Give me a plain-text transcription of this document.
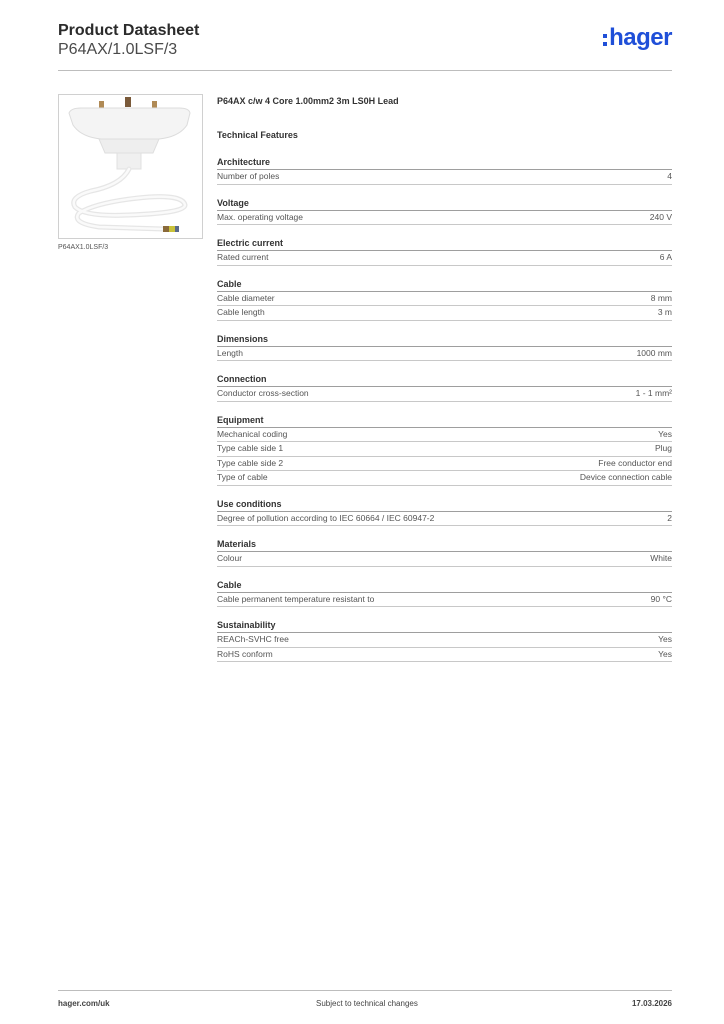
Product Datasheet
P64AX/1.0LSF/3	hager
P64AX1.0LSF/3
P64AX c/w 4 Core 1.00mm2 3m LS0H Lead
Technical Features
Architecture
Number of poles	4
Voltage
Max. operating voltage	240 V
Electric current
Rated current	6 A
Cable
Cable diameter	8 mm
Cable length	3 m
Dimensions
Length	1000 mm
Connection
Conductor cross-section	1 - 1 mm²
Equipment
Mechanical coding	Yes
Type cable side 1	Plug
Type cable side 2	Free conductor end
Type of cable	Device connection cable
Use conditions
Degree of pollution according to IEC 60664 / IEC 60947-2	2
Materials
Colour	White
Cable
Cable permanent temperature resistant to	90 °C
Sustainability
REACh-SVHC free	Yes
RoHS conform	Yes
hager.com/uk	Subject to technical changes	17.03.2026
